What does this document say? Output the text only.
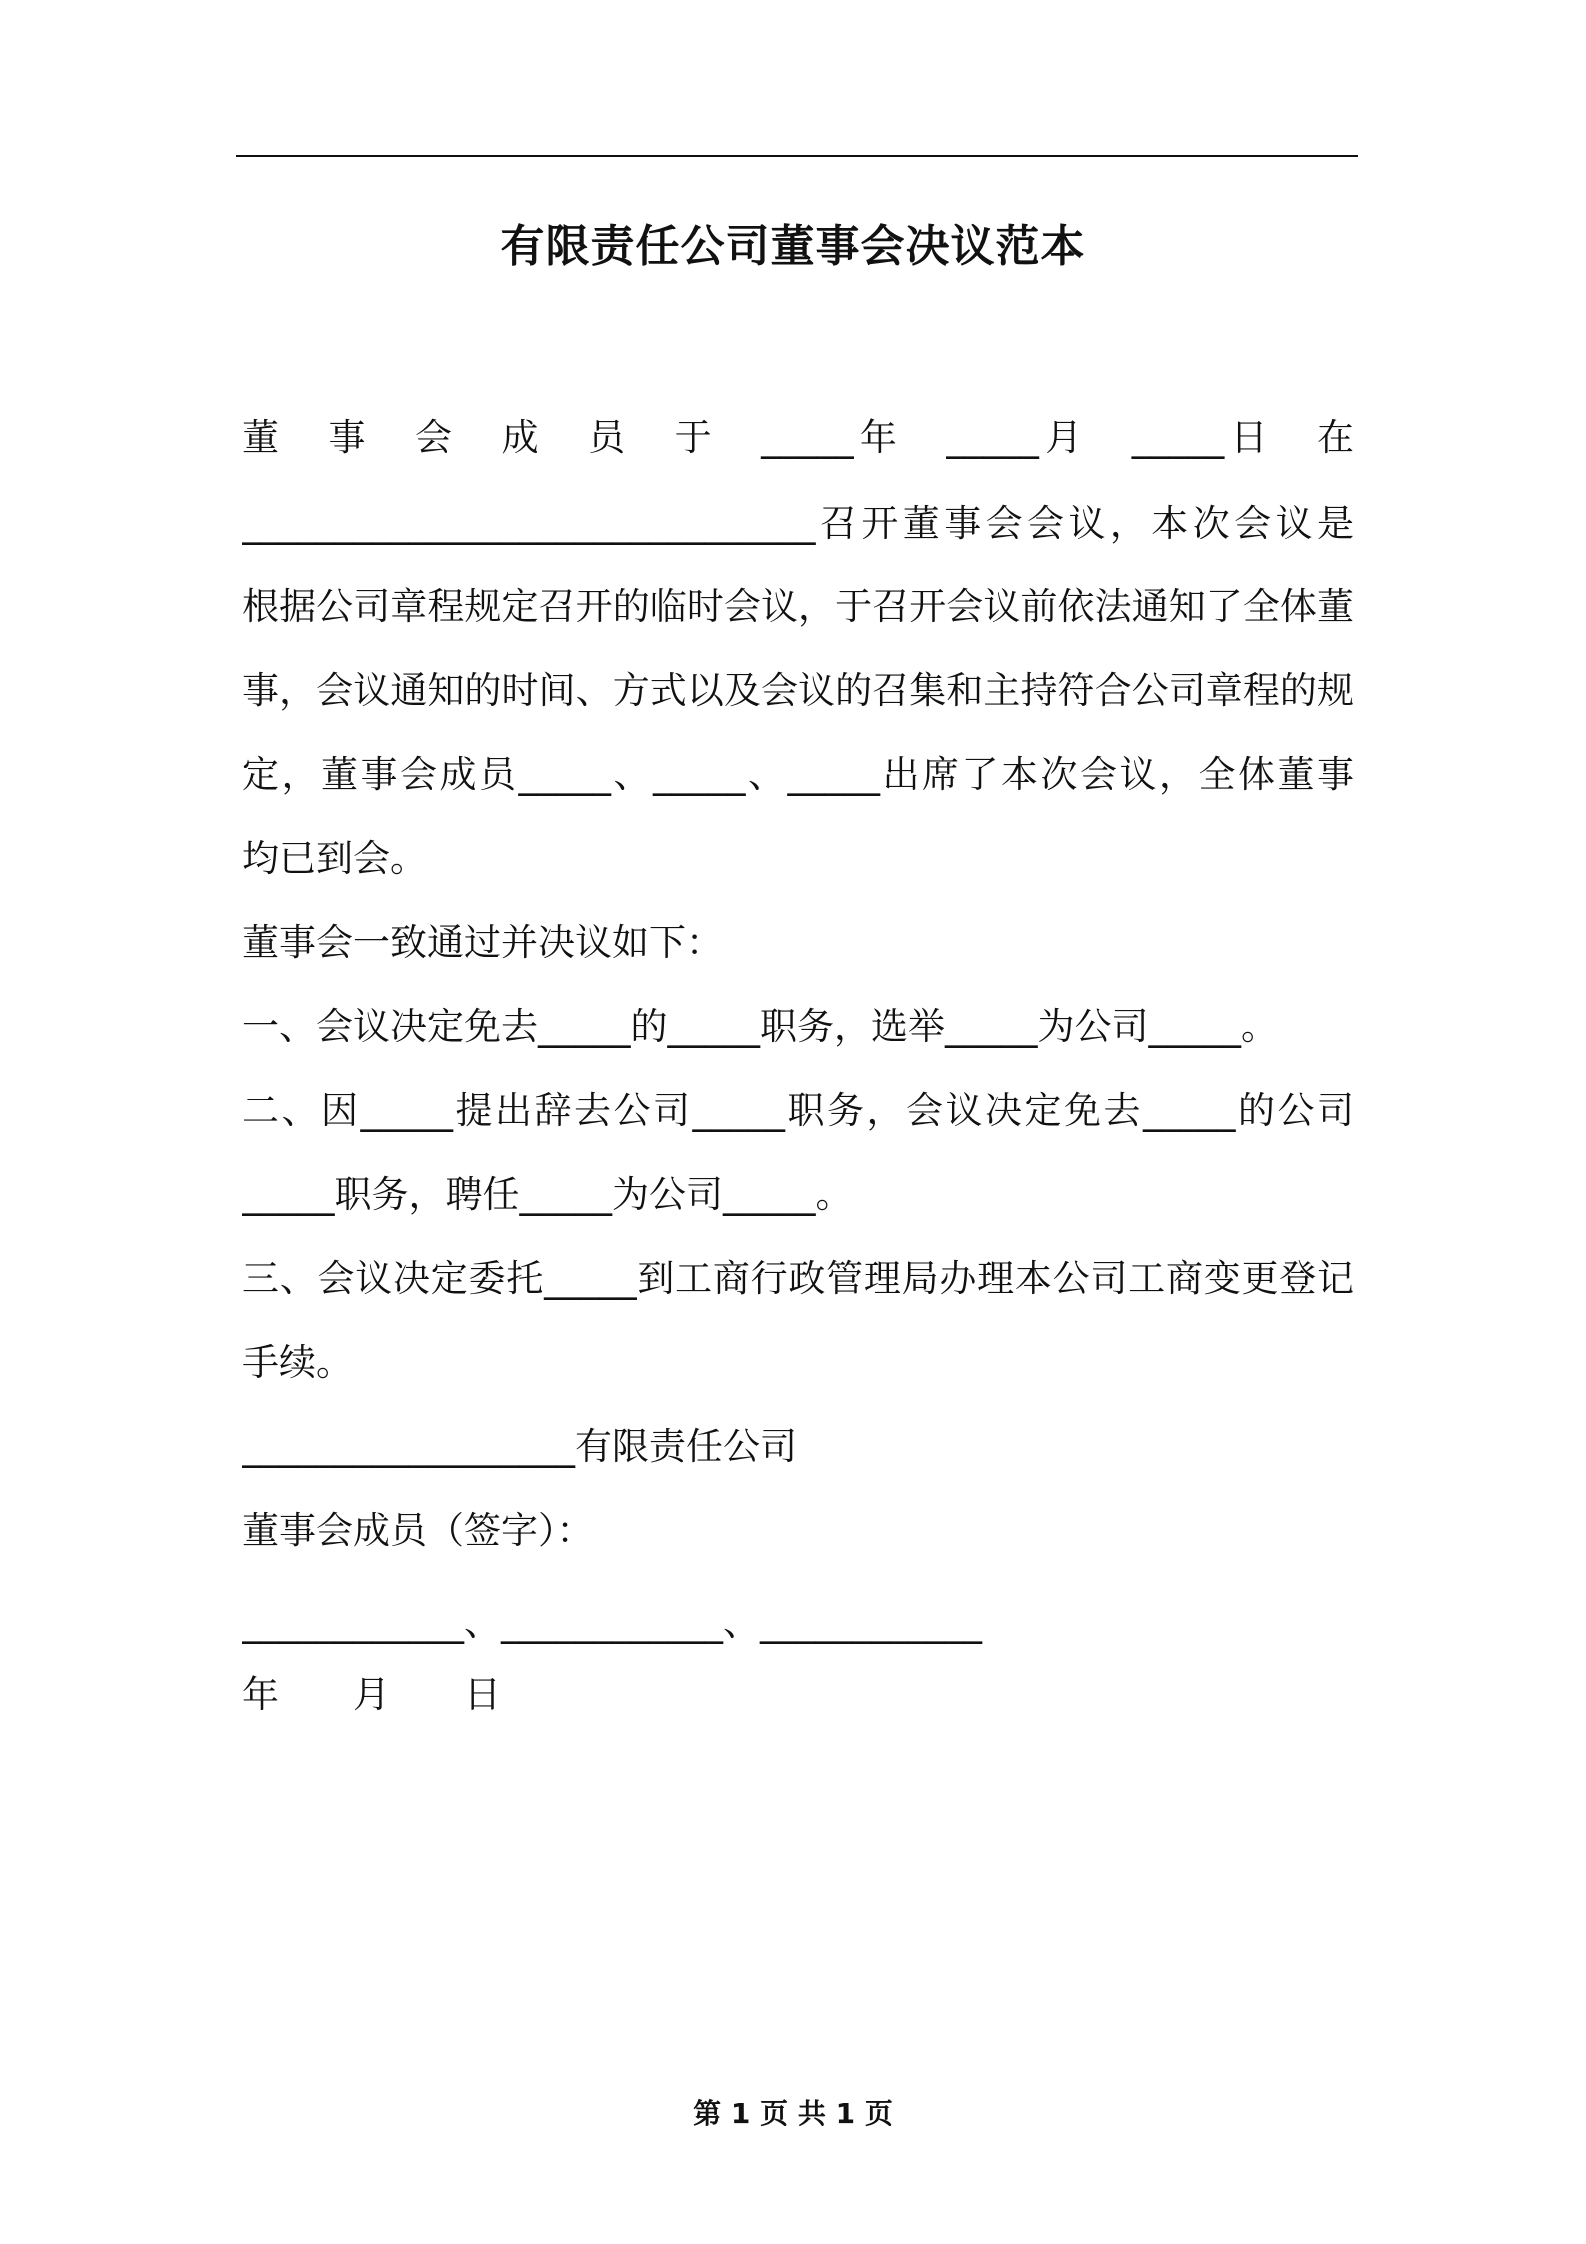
有限责任公司董事会决议范本
董　事　会　成　员　于　_____年　_____月　_____日　在
_______________________________召开董事会会议，本次会议是
根据公司章程规定召开的临时会议，于召开会议前依法通知了全体董
事，会议通知的时间、方式以及会议的召集和主持符合公司章程的规
定，董事会成员_____、_____、_____出席了本次会议，全体董事
均已到会。
董事会一致通过并决议如下：
一、会议决定免去_____的_____职务，选举_____为公司_____。
二、因_____提出辞去公司_____职务，会议决定免去_____的公司
_____职务，聘任_____为公司_____。
三、会议决定委托_____到工商行政管理局办理本公司工商变更登记
手续。
__________________有限责任公司
董事会成员（签字）：
____________、____________、____________
年　　月　　日
第 1 页 共 1 页
